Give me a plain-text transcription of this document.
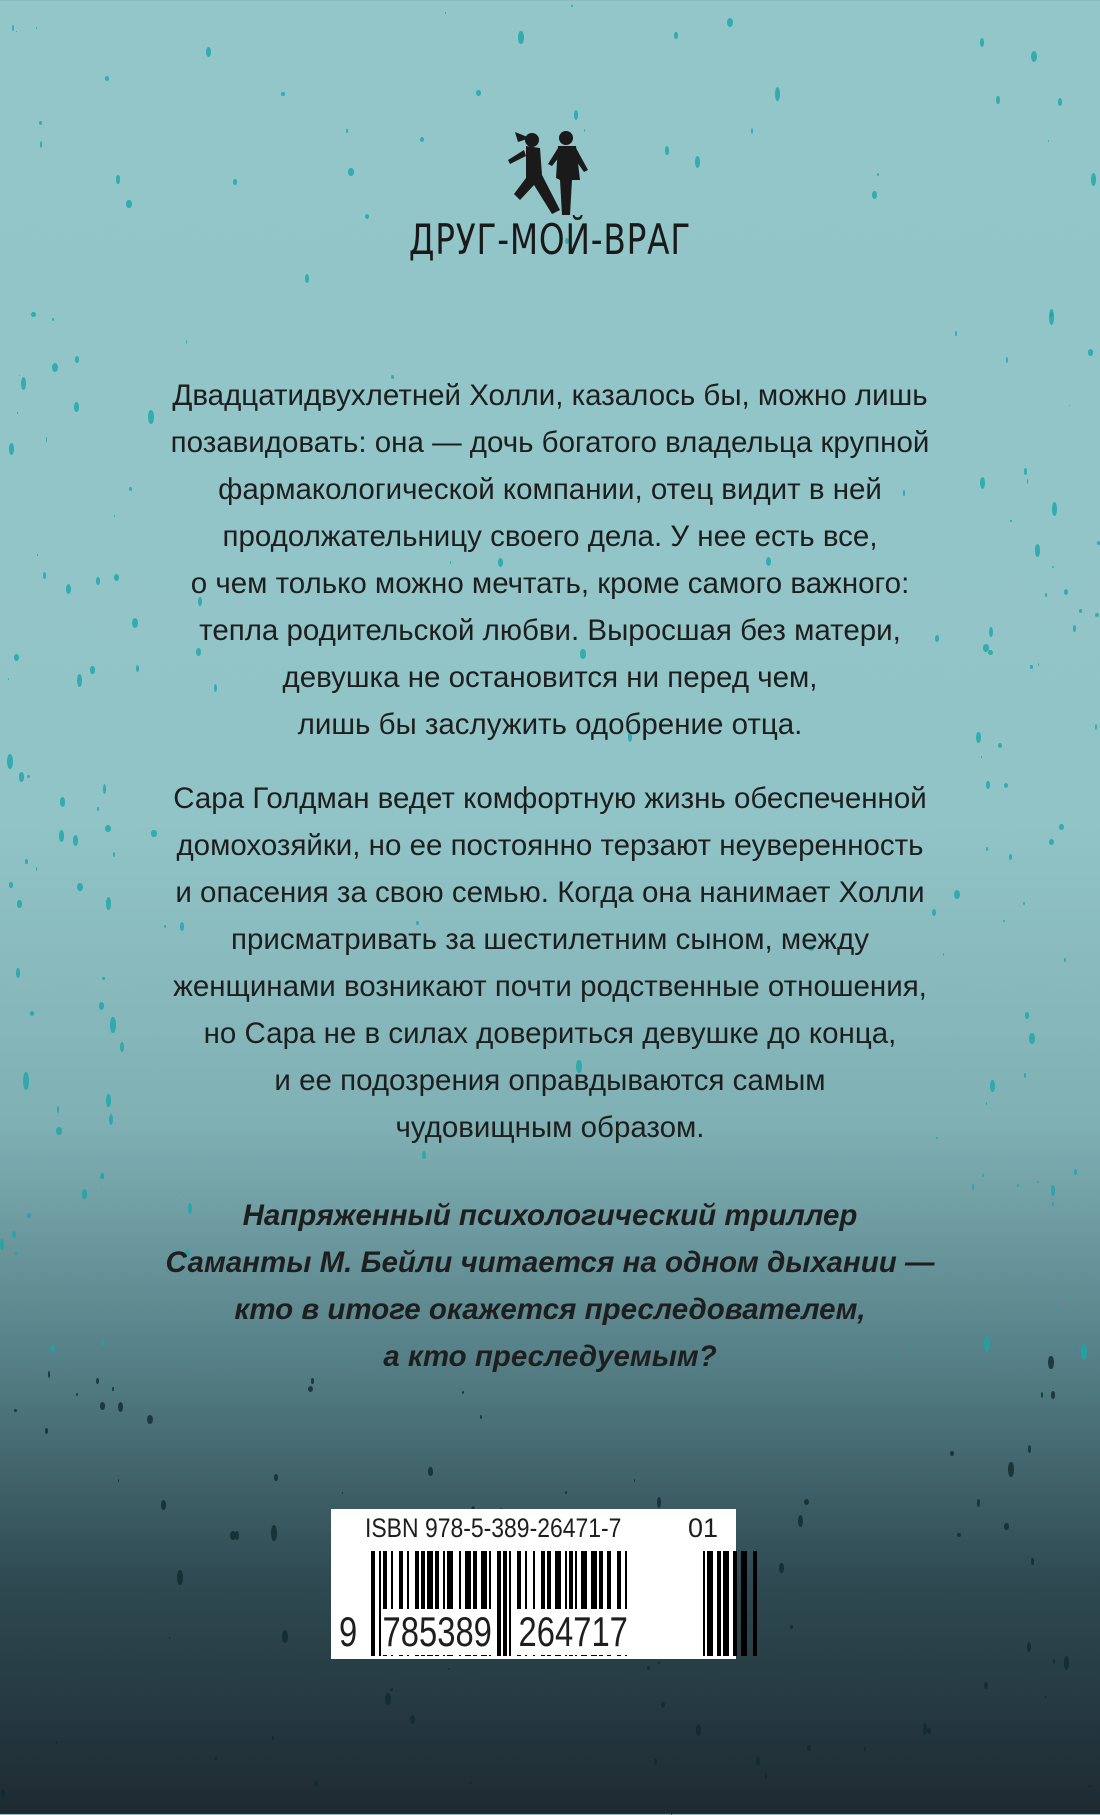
ДРУГ-МОЙ-ВРАГ
Двадцатидвухлетней Холли, казалось бы, можно лишь
позавидовать: она — дочь богатого владельца крупной
фармакологической компании, отец видит в ней
продолжательницу своего дела. У нее есть все,
о чем только можно мечтать, кроме самого важного:
тепла родительской любви. Выросшая без матери,
девушка не остановится ни перед чем,
лишь бы заслужить одобрение отца.
Сара Голдман ведет комфортную жизнь обеспеченной
домохозяйки, но ее постоянно терзают неуверенность
и опасения за свою семью. Когда она нанимает Холли
присматривать за шестилетним сыном, между
женщинами возникают почти родственные отношения,
но Сара не в силах довериться девушке до конца,
и ее подозрения оправдываются самым
чудовищным образом.
Напряженный психологический триллер
Саманты М. Бейли читается на одном дыхании —
кто в итоге окажется преследователем,
а кто преследуемым?
ISBN 978-5-389-26471-7 01
9 785389 264717
